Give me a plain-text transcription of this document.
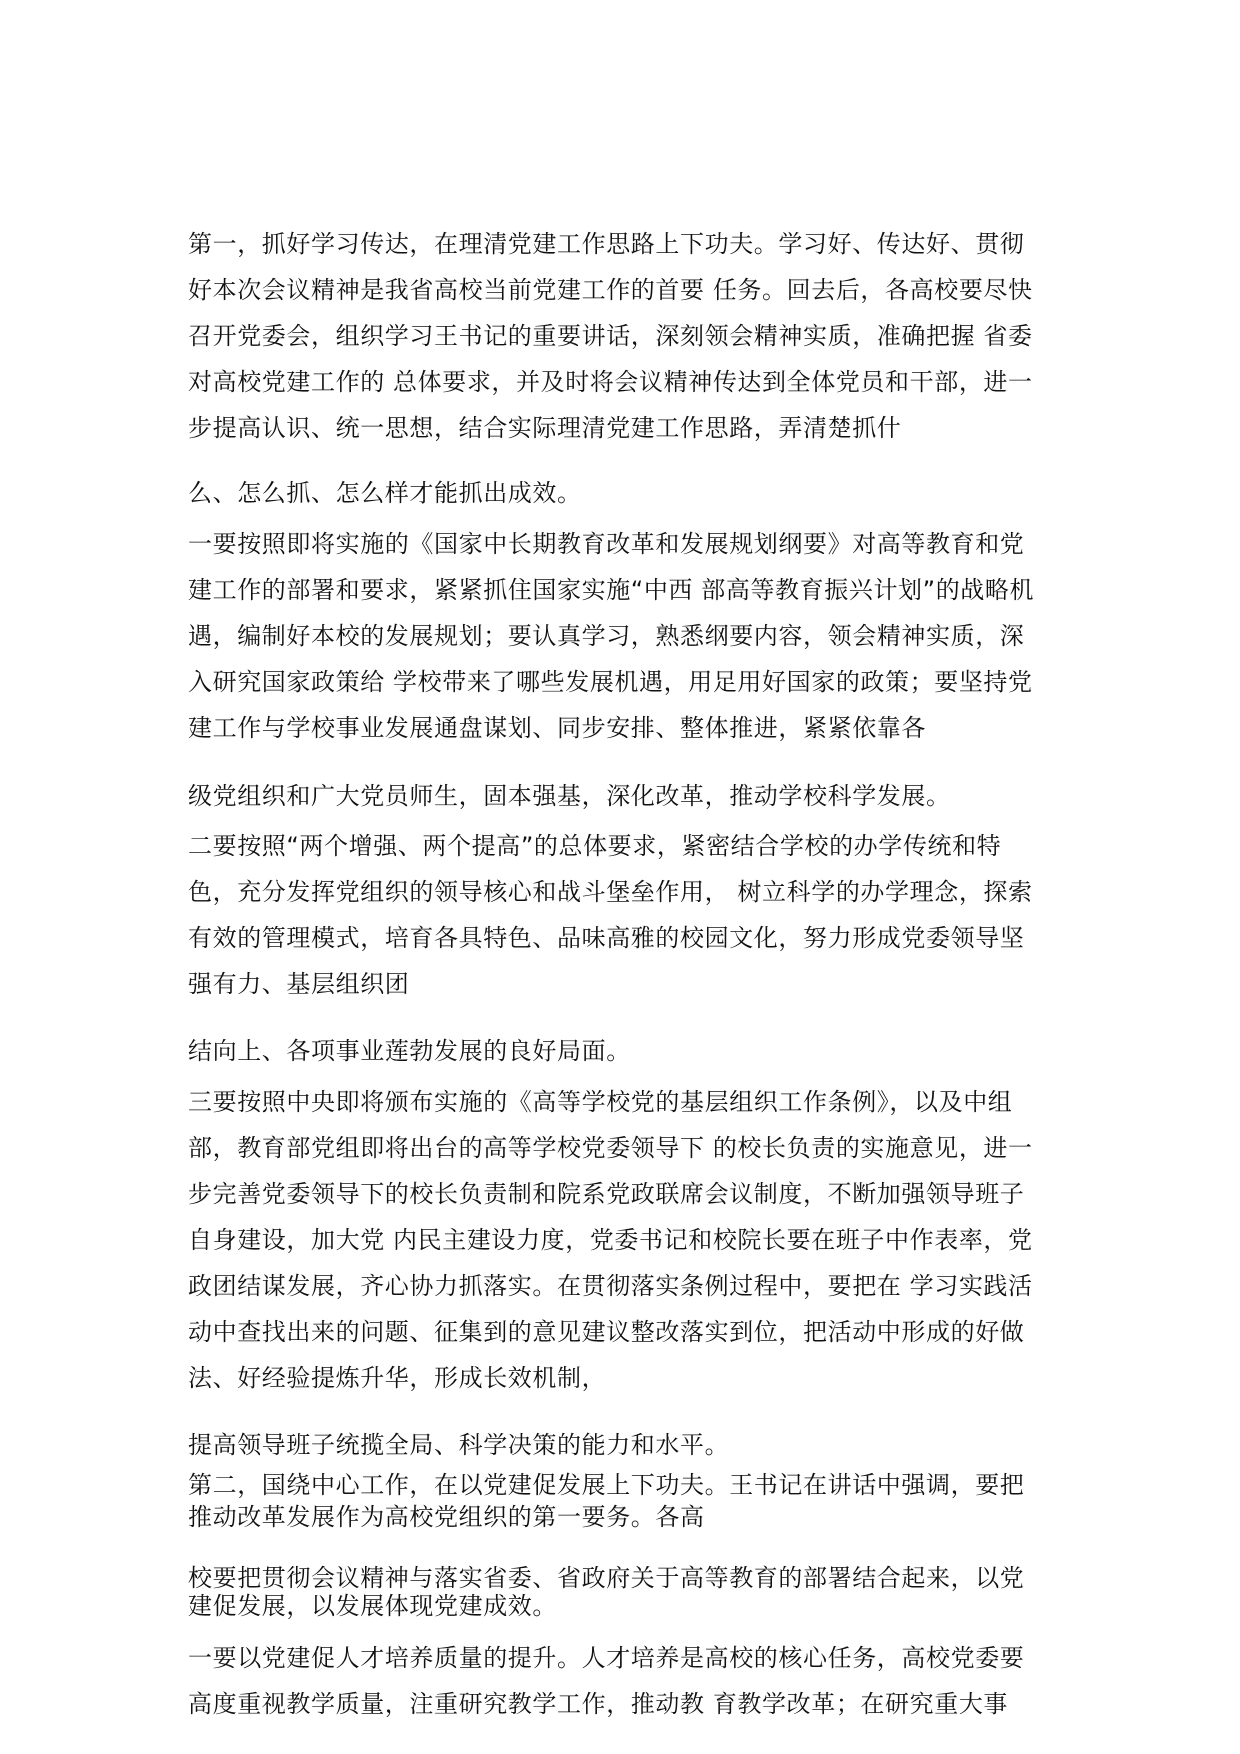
第一，抓好学习传达，在理清党建工作思路上下功夫。学习好、传达好、贯彻
好本次会议精神是我省高校当前党建工作的首要 任务。回去后，各高校要尽快
召开党委会，组织学习王书记的重要讲话，深刻领会精神实质，准确把握 省委
对高校党建工作的 总体要求，并及时将会议精神传达到全体党员和干部，进一
步提高认识、统一思想，结合实际理清党建工作思路，弄清楚抓什
么、怎么抓、怎么样才能抓出成效。
一要按照即将实施的《国家中长期教育改革和发展规划纲要》对高等教育和党
建工作的部署和要求，紧紧抓住国家实施“中西 部高等教育振兴计划”的战略机
遇，编制好本校的发展规划；要认真学习，熟悉纲要内容，领会精神实质，深
入研究国家政策给 学校带来了哪些发展机遇，用足用好国家的政策；要坚持党
建工作与学校事业发展通盘谋划、同步安排、整体推进，紧紧依靠各
级党组织和广大党员师生，固本强基，深化改革，推动学校科学发展。
二要按照“两个增强、两个提高”的总体要求，紧密结合学校的办学传统和特
色，充分发挥党组织的领导核心和战斗堡垒作用， 树立科学的办学理念，探索
有效的管理模式，培育各具特色、品味高雅的校园文化，努力形成党委领导坚
强有力、基层组织团
结向上、各项事业莲勃发展的良好局面。
三要按照中央即将颁布实施的《高等学校党的基层组织工作条例》，以及中组
部，教育部党组即将出台的高等学校党委领导下 的校长负责的实施意见，进一
步完善党委领导下的校长负责制和院系党政联席会议制度，不断加强领导班子
自身建设，加大党 内民主建设力度，党委书记和校院长要在班子中作表率，党
政团结谋发展，齐心协力抓落实。在贯彻落实条例过程中，要把在 学习实践活
动中查找出来的问题、征集到的意见建议整改落实到位，把活动中形成的好做
法、好经验提炼升华，形成长效机制，
提高领导班子统揽全局、科学决策的能力和水平。
第二，国绕中心工作，在以党建促发展上下功夫。王书记在讲话中强调，要把
推动改革发展作为高校党组织的第一要务。各高
校要把贯彻会议精神与落实省委、省政府关于高等教育的部署结合起来，以党
建促发展，以发展体现党建成效。
一要以党建促人才培养质量的提升。人才培养是高校的核心任务，高校党委要
高度重视教学质量，注重研究教学工作，推动教 育教学改革；在研究重大事
